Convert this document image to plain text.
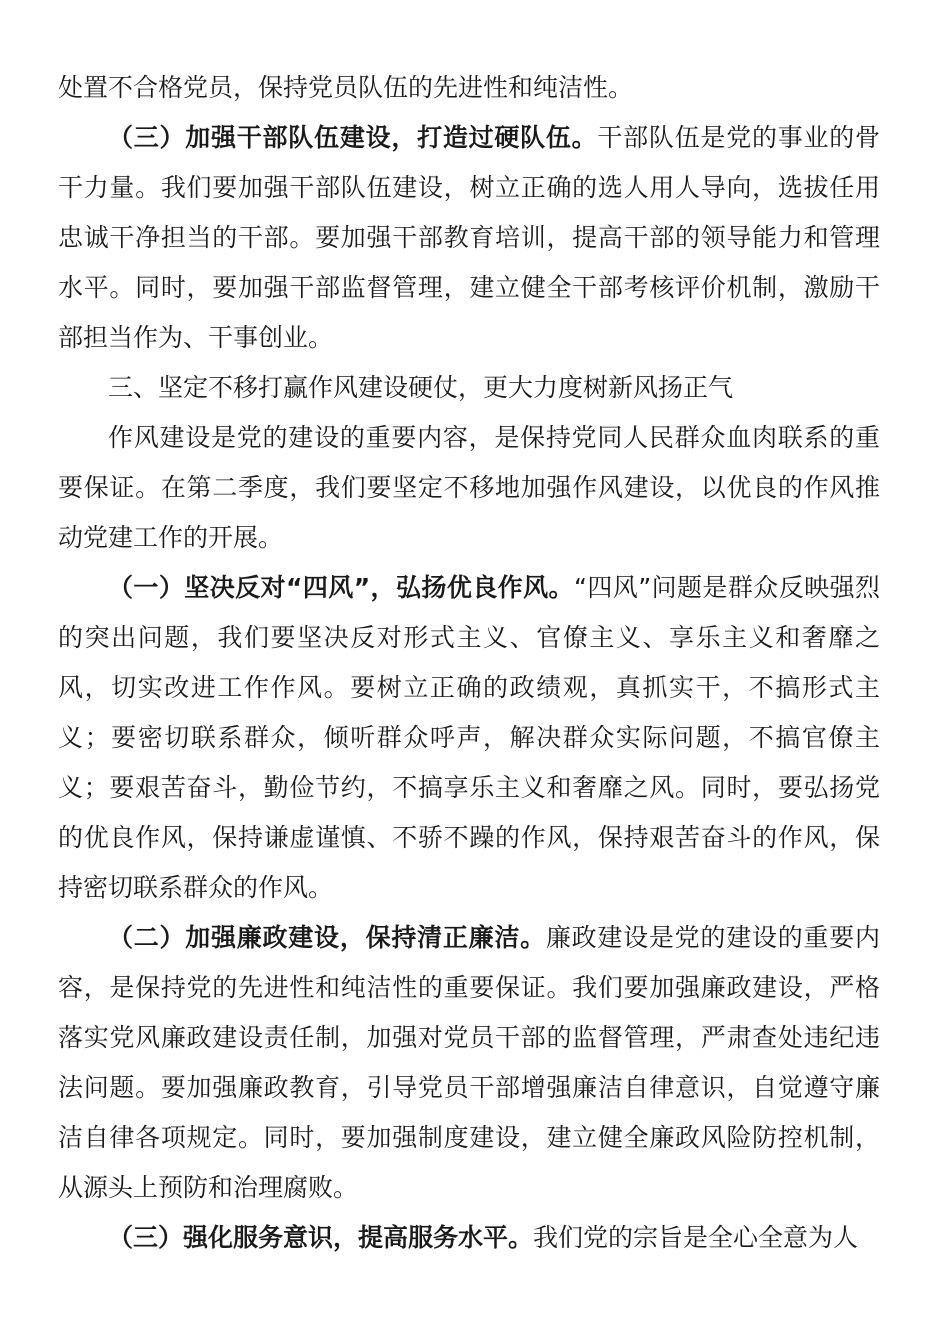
处置不合格党员，保持党员队伍的先进性和纯洁性。

（三）加强干部队伍建设，打造过硬队伍。干部队伍是党的事业的骨干力量。我们要加强干部队伍建设，树立正确的选人用人导向，选拔任用忠诚干净担当的干部。要加强干部教育培训，提高干部的领导能力和管理水平。同时，要加强干部监督管理，建立健全干部考核评价机制，激励干部担当作为、干事创业。

三、坚定不移打赢作风建设硬仗，更大力度树新风扬正气

作风建设是党的建设的重要内容，是保持党同人民群众血肉联系的重要保证。在第二季度，我们要坚定不移地加强作风建设，以优良的作风推动党建工作的开展。

（一）坚决反对“四风”，弘扬优良作风。“四风”问题是群众反映强烈的突出问题，我们要坚决反对形式主义、官僚主义、享乐主义和奢靡之风，切实改进工作作风。要树立正确的政绩观，真抓实干，不搞形式主义；要密切联系群众，倾听群众呼声，解决群众实际问题，不搞官僚主义；要艰苦奋斗，勤俭节约，不搞享乐主义和奢靡之风。同时，要弘扬党的优良作风，保持谦虚谨慎、不骄不躁的作风，保持艰苦奋斗的作风，保持密切联系群众的作风。

（二）加强廉政建设，保持清正廉洁。廉政建设是党的建设的重要内容，是保持党的先进性和纯洁性的重要保证。我们要加强廉政建设，严格落实党风廉政建设责任制，加强对党员干部的监督管理，严肃查处违纪违法问题。要加强廉政教育，引导党员干部增强廉洁自律意识，自觉遵守廉洁自律各项规定。同时，要加强制度建设，建立健全廉政风险防控机制，从源头上预防和治理腐败。

（三）强化服务意识，提高服务水平。我们党的宗旨是全心全意为人
